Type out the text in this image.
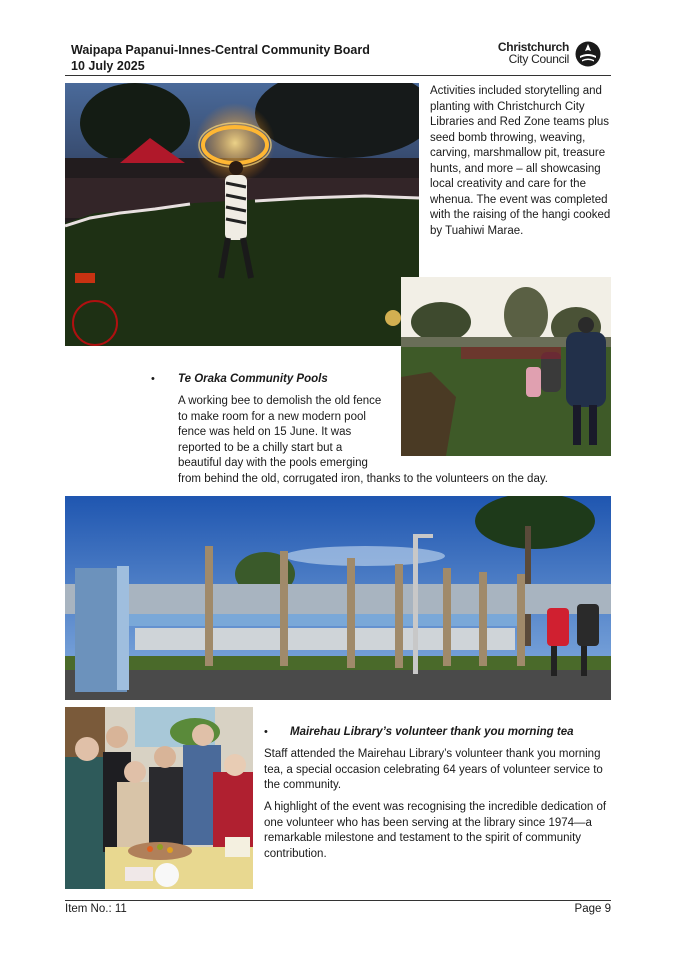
Waipapa Papanui-Innes-Central Community Board
10 July 2025
Christchurch
City Council

Activities included storytelling and planting with Christchurch City Libraries and Red Zone teams plus seed bomb throwing, weaving, carving, marshmallow pit, treasure hunts, and more – all showcasing local creativity and care for the whenua. The event was completed with the raising of the hangi cooked by Tuahiwi Marae.

• Te Oraka Community Pools

A working bee to demolish the old fence

to make room for a new modern pool

fence was held on 15 June. It was

reported to be a chilly start but a

beautiful day with the pools emerging

from behind the old, corrugated iron, thanks to the volunteers on the day.

• Mairehau Library’s volunteer thank you morning tea

Staff attended the Mairehau Library’s volunteer thank you morning tea, a special occasion celebrating 64 years of volunteer service to the community.

A highlight of the event was recognising the incredible dedication of one volunteer who has been serving at the library since 1974—a remarkable milestone and testament to the spirit of community contribution.

Item No.: 11	Page 9
